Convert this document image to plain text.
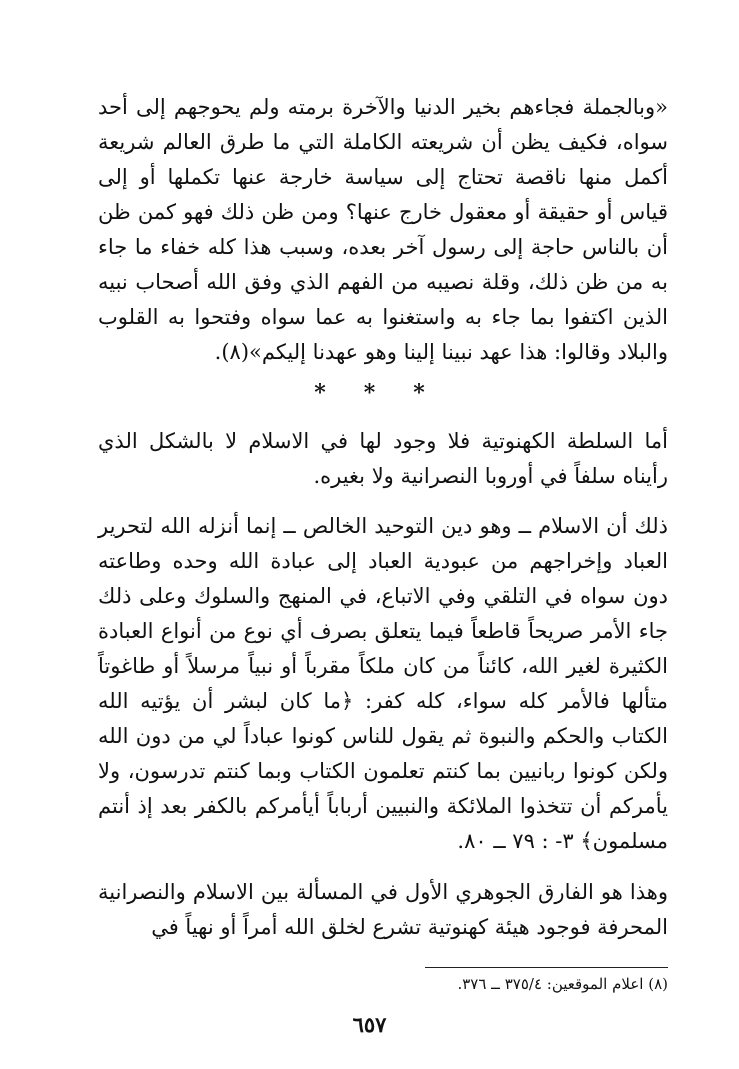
«وبالجملة فجاءهم بخير الدنيا والآخرة برمته ولم يحوجهم إلى أحد سواه، فكيف يظن أن شريعته الكاملة التي ما طرق العالم شريعة أكمل منها ناقصة تحتاج إلى سياسة خارجة عنها تكملها أو إلى قياس أو حقيقة أو معقول خارج عنها؟ ومن ظن ذلك فهو كمن ظن أن بالناس حاجة إلى رسول آخر بعده، وسبب هذا كله خفاء ما جاء به من ظن ذلك، وقلة نصيبه من الفهم الذي وفق الله أصحاب نبيه الذين اكتفوا بما جاء به واستغنوا به عما سواه وفتحوا به القلوب والبلاد وقالوا: هذا عهد نبينا إلينا وهو عهدنا إليكم»(٨).

* * *

أما السلطة الكهنوتية فلا وجود لها في الاسلام لا بالشكل الذي رأيناه سلفاً في أوروبا النصرانية ولا بغيره.

ذلك أن الاسلام ــ وهو دين التوحيد الخالص ــ إنما أنزله الله لتحرير العباد وإخراجهم من عبودية العباد إلى عبادة الله وحده وطاعته دون سواه في التلقي وفي الاتباع، في المنهج والسلوك وعلى ذلك جاء الأمر صريحاً قاطعاً فيما يتعلق بصرف أي نوع من أنواع العبادة الكثيرة لغير الله، كائناً من كان ملكاً مقرباً أو نبياً مرسلاً أو طاغوتاً متألها فالأمر كله سواء، كله كفر: ﴿ما كان لبشر أن يؤتيه الله الكتاب والحكم والنبوة ثم يقول للناس كونوا عباداً لي من دون الله ولكن كونوا ربانيين بما كنتم تعلمون الكتاب وبما كنتم تدرسون، ولا يأمركم أن تتخذوا الملائكة والنبيين أرباباً أيأمركم بالكفر بعد إذ أنتم مسلمون﴾ ٣- : ٧٩ ــ ٨٠.

وهذا هو الفارق الجوهري الأول في المسألة بين الاسلام والنصرانية المحرفة فوجود هيئة كهنوتية تشرع لخلق الله أمراً أو نهياً في

(٨) اعلام الموقعين: ٣٧٥/٤ ــ ٣٧٦.
٦٥٧
